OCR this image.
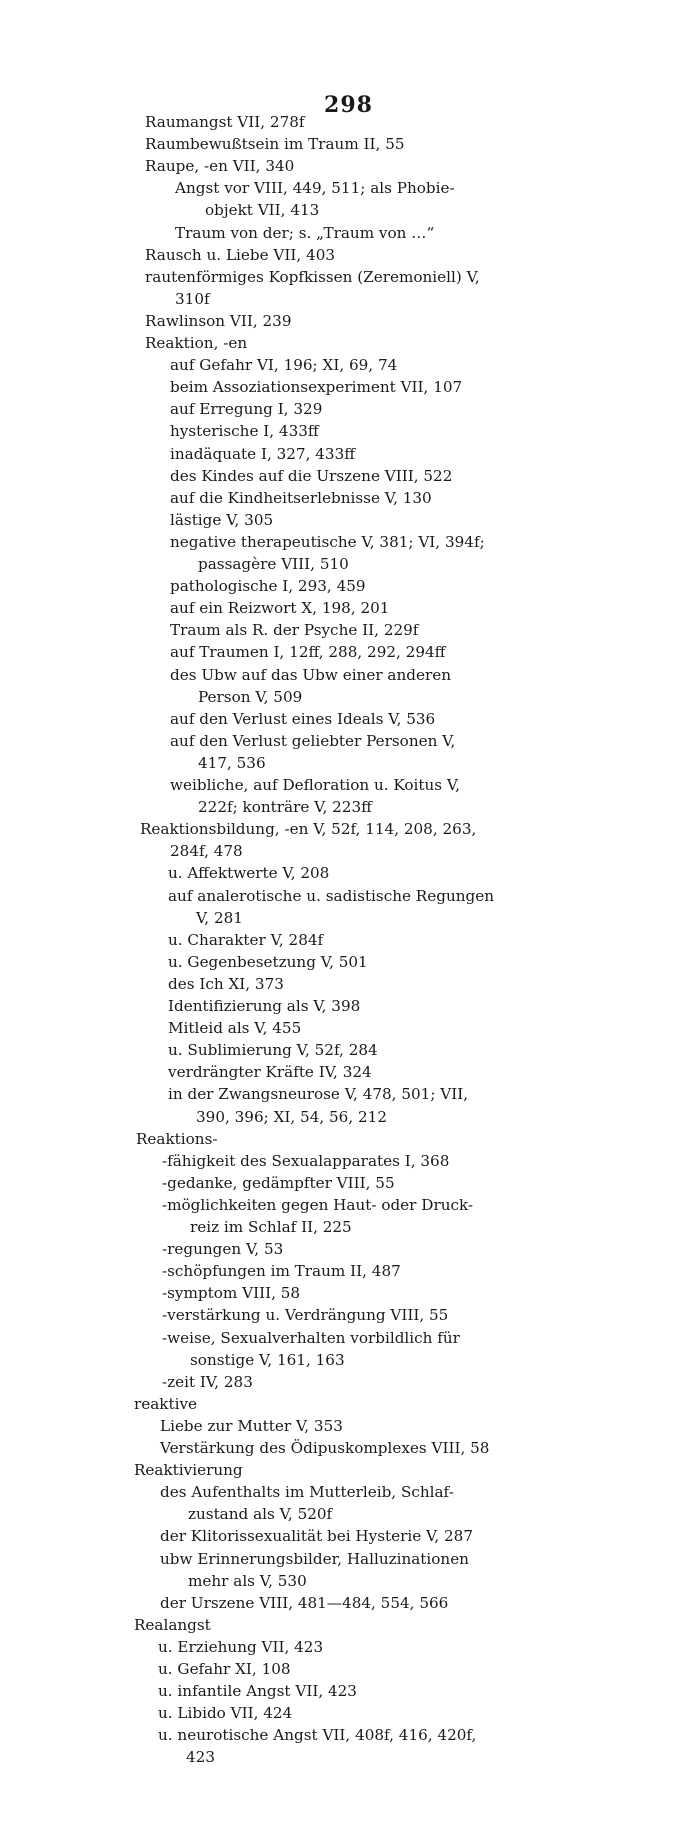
298
Raumangst VII, 278f
Raumbewußtsein im Traum II, 55
Raupe, -en VII, 340
Angst vor VIII, 449, 511; als Phobie-
objekt VII, 413
Traum von der; s. „Traum von …“
Rausch u. Liebe VII, 403
rautenförmiges Kopfkissen (Zeremoniell) V,
310f
Rawlinson VII, 239
Reaktion, -en
auf Gefahr VI, 196; XI, 69, 74
beim Assoziationsexperiment VII, 107
auf Erregung I, 329
hysterische I, 433ff
inadäquate I, 327, 433ff
des Kindes auf die Urszene VIII, 522
auf die Kindheitserlebnisse V, 130
lästige V, 305
negative therapeutische V, 381; VI, 394f;
passagère VIII, 510
pathologische I, 293, 459
auf ein Reizwort X, 198, 201
Traum als R. der Psyche II, 229f
auf Traumen I, 12ff, 288, 292, 294ff
des Ubw auf das Ubw einer anderen
Person V, 509
auf den Verlust eines Ideals V, 536
auf den Verlust geliebter Personen V,
417, 536
weibliche, auf Defloration u. Koitus V,
222f; konträre V, 223ff
Reaktionsbildung, -en V, 52f, 114, 208, 263,
284f, 478
u. Affektwerte V, 208
auf analerotische u. sadistische Regungen
V, 281
u. Charakter V, 284f
u. Gegenbesetzung V, 501
des Ich XI, 373
Identifizierung als V, 398
Mitleid als V, 455
u. Sublimierung V, 52f, 284
verdrängter Kräfte IV, 324
in der Zwangsneurose V, 478, 501; VII,
390, 396; XI, 54, 56, 212
Reaktions-
-fähigkeit des Sexualapparates I, 368
-gedanke, gedämpfter VIII, 55
-möglichkeiten gegen Haut- oder Druck-
reiz im Schlaf II, 225
-regungen V, 53
-schöpfungen im Traum II, 487
-symptom VIII, 58
-verstärkung u. Verdrängung VIII, 55
-weise, Sexualverhalten vorbildlich für
sonstige V, 161, 163
-zeit IV, 283
reaktive
Liebe zur Mutter V, 353
Verstärkung des Ödipuskomplexes VIII, 58
Reaktivierung
des Aufenthalts im Mutterleib, Schlaf-
zustand als V, 520f
der Klitorissexualität bei Hysterie V, 287
ubw Erinnerungsbilder, Halluzinationen
mehr als V, 530
der Urszene VIII, 481—484, 554, 566
Realangst
u. Erziehung VII, 423
u. Gefahr XI, 108
u. infantile Angst VII, 423
u. Libido VII, 424
u. neurotische Angst VII, 408f, 416, 420f,
423
